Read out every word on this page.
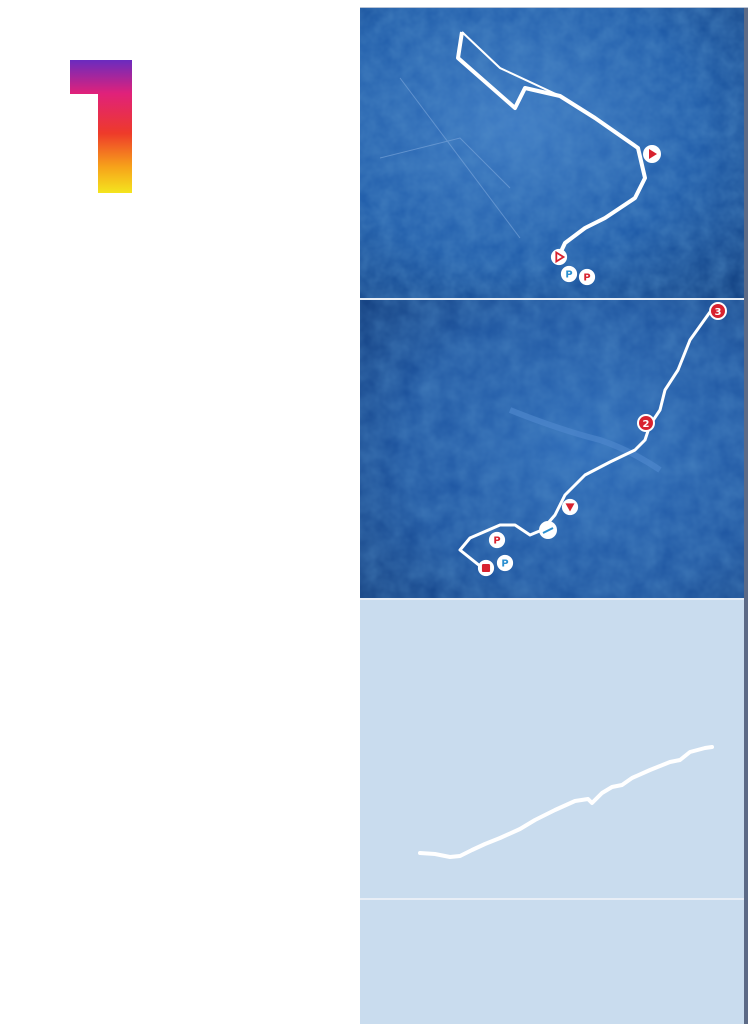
P P
3
2
P
P
